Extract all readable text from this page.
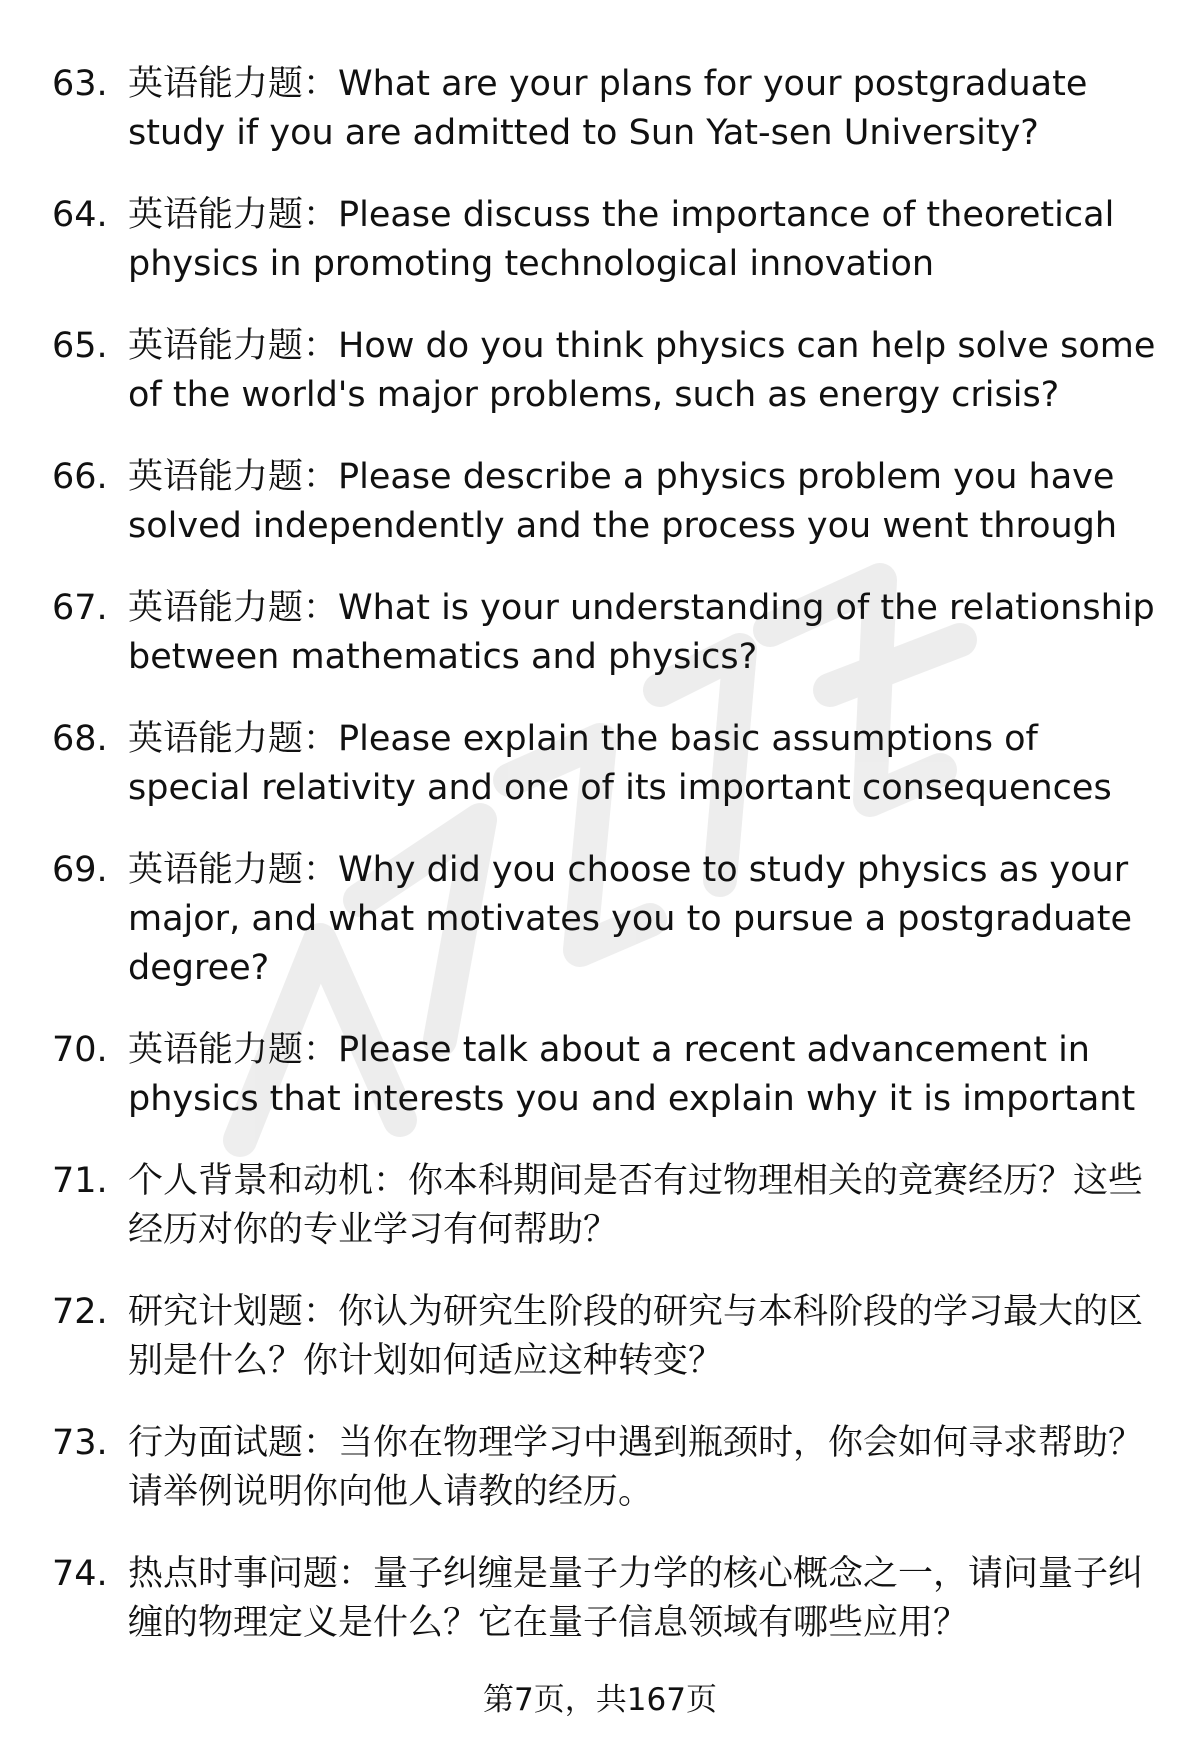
63. 英语能力题：What are your plans for your postgraduate study if you are admitted to Sun Yat-sen University?
64. 英语能力题：Please discuss the importance of theoretical physics in promoting technological innovation
65. 英语能力题：How do you think physics can help solve some of the world's major problems, such as energy crisis?
66. 英语能力题：Please describe a physics problem you have solved independently and the process you went through
67. 英语能力题：What is your understanding of the relationship between mathematics and physics?
68. 英语能力题：Please explain the basic assumptions of special relativity and one of its important consequences
69. 英语能力题：Why did you choose to study physics as your major, and what motivates you to pursue a postgraduate degree?
70. 英语能力题：Please talk about a recent advancement in physics that interests you and explain why it is important
71. 个人背景和动机：你本科期间是否有过物理相关的竞赛经历？这些经历对你的专业学习有何帮助？
72. 研究计划题：你认为研究生阶段的研究与本科阶段的学习最大的区别是什么？你计划如何适应这种转变？
73. 行为面试题：当你在物理学习中遇到瓶颈时，你会如何寻求帮助？请举例说明你向他人请教的经历。
74. 热点时事问题：量子纠缠是量子力学的核心概念之一，请问量子纠缠的物理定义是什么？它在量子信息领域有哪些应用？
第7页，共167页
